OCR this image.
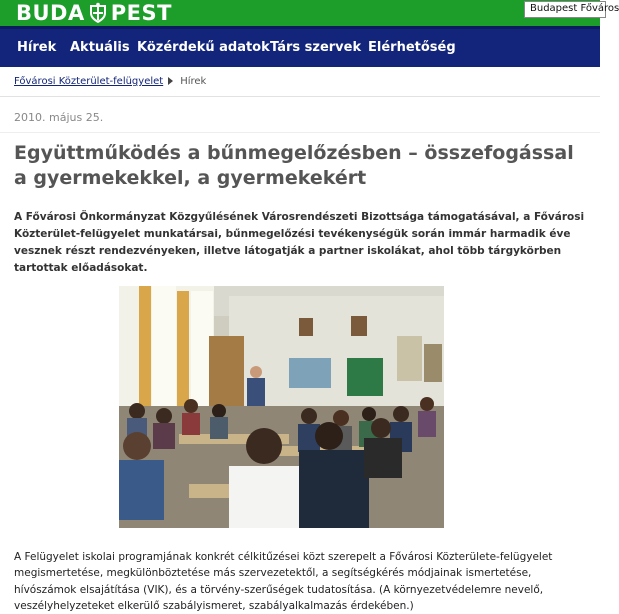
BUDA PEST	Budapest Főváros
Hírek Aktuális Közérdekű adatok Társ szervek Elérhetőség
Fővárosi Közterület-felügyelet Hírek
2010. május 25.
Együttműködés a bűnmegelőzésben – összefogással a gyermekekkel, a gyermekekért

A Fővárosi Önkormányzat Közgyűlésének Városrendészeti Bizottsága támogatásával, a Fővárosi Közterület-felügyelet munkatársai, bűnmegelőzési tevékenységük során immár harmadik éve vesznek részt rendezvényeken, illetve látogatják a partner iskolákat, ahol több tárgykörben tartottak előadásokat.

A Felügyelet iskolai programjának konkrét célkitűzései közt szerepelt a Fővárosi Közterülete-felügyelet megismertetése, megkülönböztetése más szervezetektől, a segítségkérés módjainak ismertetése, hívószámok elsajátítása (VIK), és a törvény-szerűségek tudatosítása. (A környezetvédelemre nevelő, veszélyhelyzeteket elkerülő szabályismeret, szabályalkalmazás érdekében.)
